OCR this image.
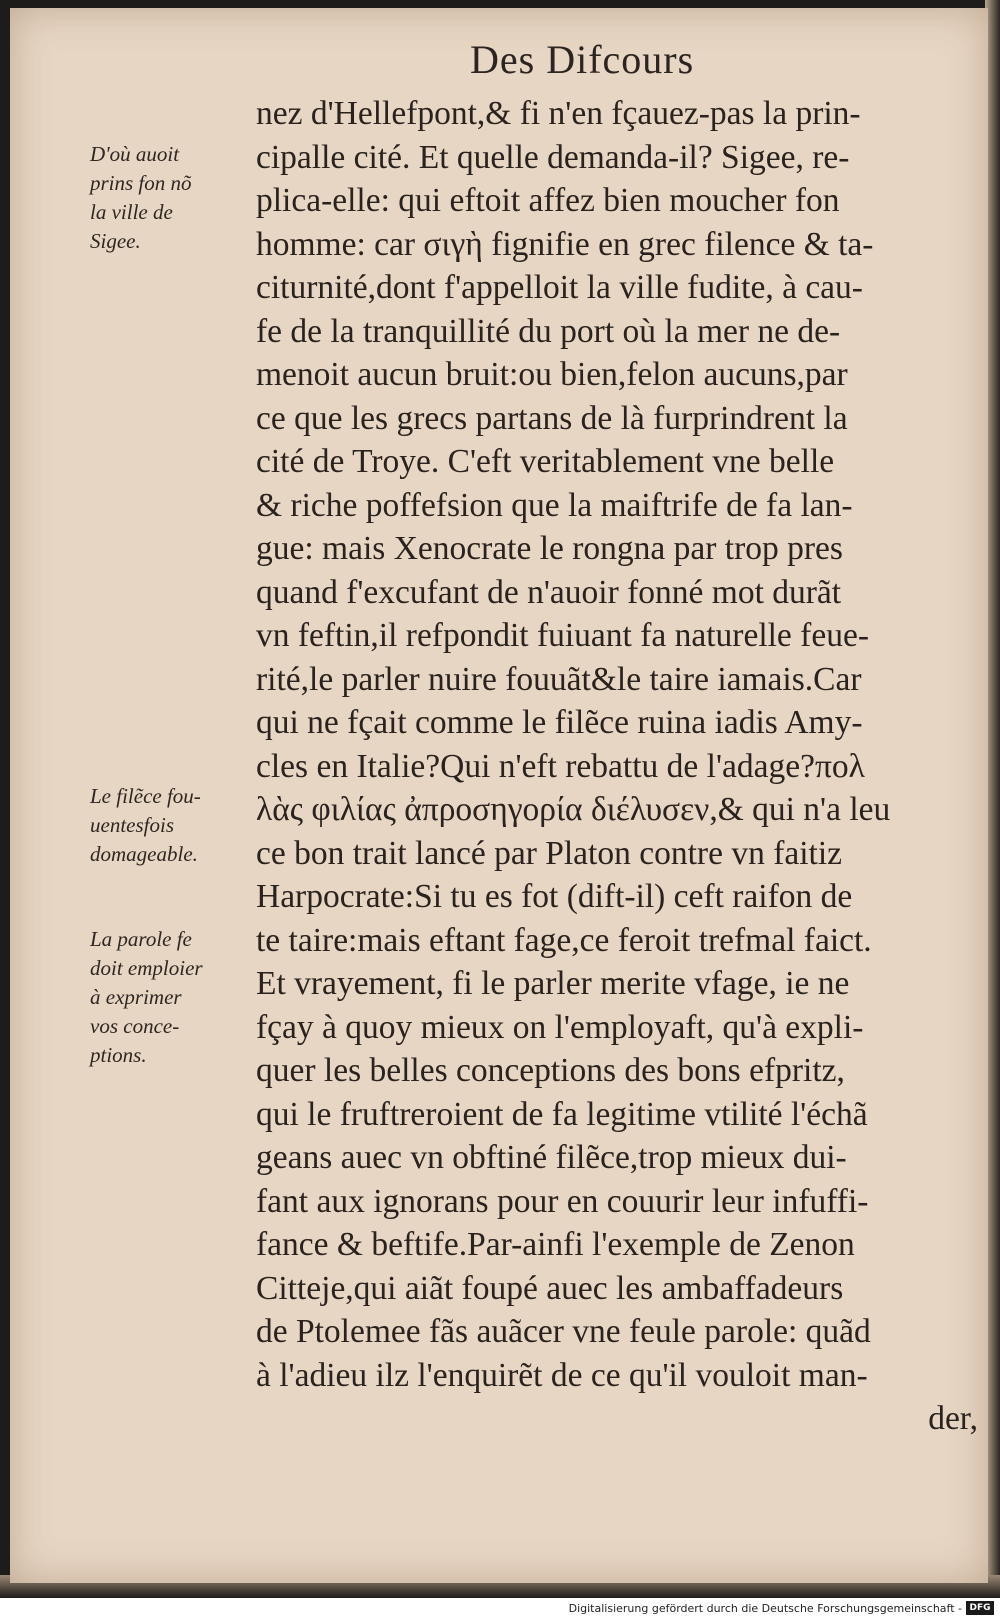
Des Difcours
nez d'Hellefpont,& fi n'en fçauez-pas la prin-
cipalle cité. Et quelle demanda-il? Sigee, re-
plica-elle: qui eftoit affez bien moucher fon
homme: car σιγὴ fignifie en grec filence & ta-
citurnité,dont f'appelloit la ville fudite, à cau-
fe de la tranquillité du port où la mer ne de-
menoit aucun bruit:ou bien,felon aucuns,par
ce que les grecs partans de là furprindrent la
cité de Troye. C'eft veritablement vne belle
& riche poffefsion que la maiftrife de fa lan-
gue: mais Xenocrate le rongna par trop pres
quand f'excufant de n'auoir fonné mot durãt
vn feftin,il refpondit fuiuant fa naturelle feue-
rité,le parler nuire fouuãt&le taire iamais.Car
qui ne fçait comme le filẽce ruina iadis Amy-
cles en Italie?Qui n'eft rebattu de l'adage?πολ
λὰς φιλίας ἀπροσηγορία διέλυσεν,& qui n'a leu
ce bon trait lancé par Platon contre vn faitiz
Harpocrate:Si tu es fot (dift-il) ceft raifon de
te taire:mais eftant fage,ce feroit trefmal faict.
Et vrayement, fi le parler merite vfage, ie ne
fçay à quoy mieux on l'employaft, qu'à expli-
quer les belles conceptions des bons efpritz,
qui le fruftreroient de fa legitime vtilité l'échã
geans auec vn obftiné filẽce,trop mieux dui-
fant aux ignorans pour en couurir leur infuffi-
fance & beftife.Par-ainfi l'exemple de Zenon
Citteje,qui aiãt foupé auec les ambaffadeurs
de Ptolemee fãs auãcer vne feule parole: quãd
à l'adieu ilz l'enquirẽt de ce qu'il vouloit man-
der,
D'où auoit
prins fon nõ
la ville de
Sigee.
Le filẽce fou-
uentesfois
domageable.
La parole fe
doit emploier
à exprimer
vos conce-
ptions.
Digitalisierung gefördert durch die Deutsche Forschungsgemeinschaft - DFG
